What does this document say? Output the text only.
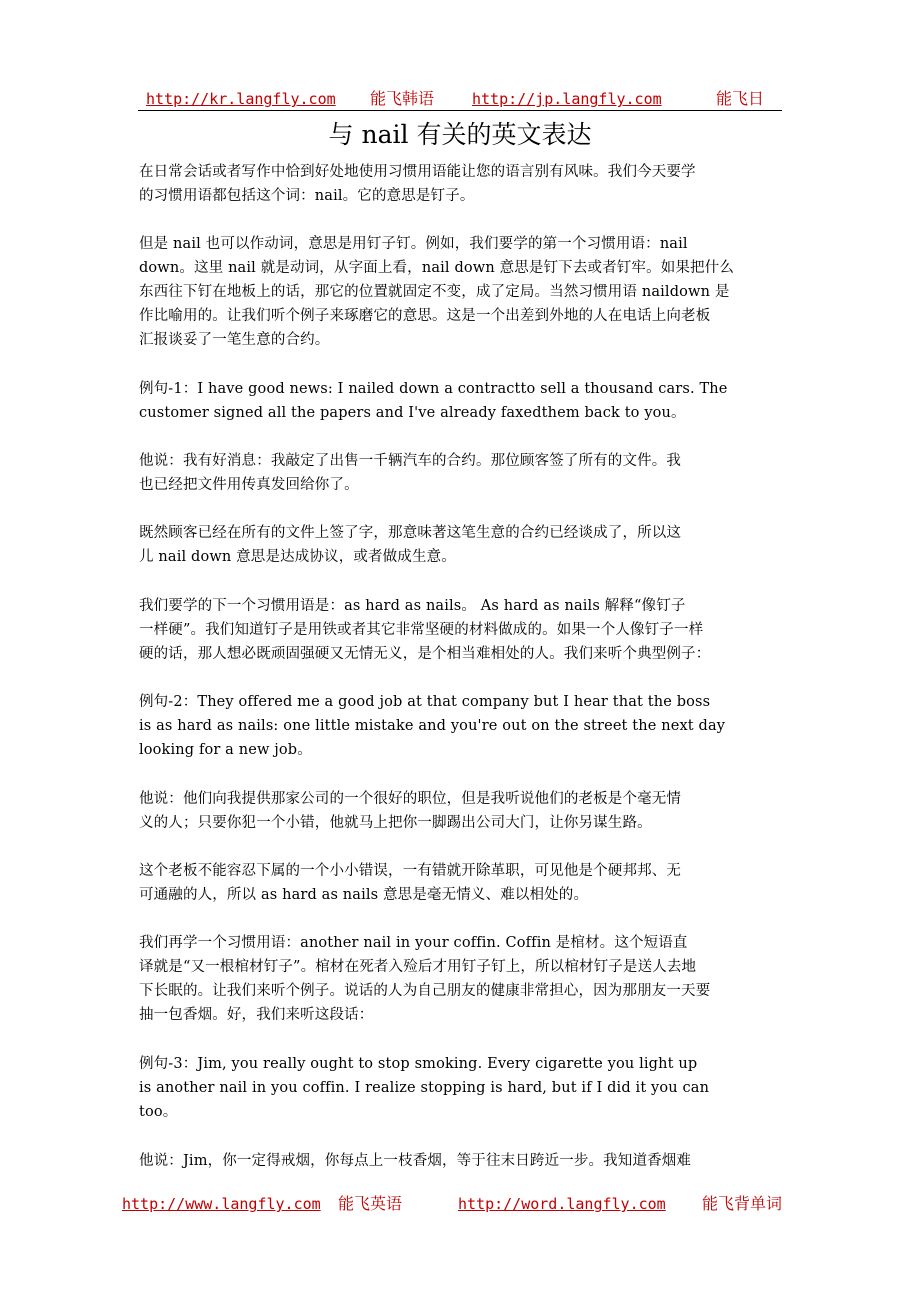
http://kr.langfly.com 能飞韩语	http://jp.langfly.com	能飞日
与 nail 有关的英文表达

在日常会话或者写作中恰到好处地使用习惯用语能让您的语言别有风味。我们今天要学
的习惯用语都包括这个词：nail。它的意思是钉子。

但是 nail 也可以作动词，意思是用钉子钉。例如，我们要学的第一个习惯用语：nail
down。这里 nail 就是动词，从字面上看，nail down 意思是钉下去或者钉牢。如果把什么
东西往下钉在地板上的话，那它的位置就固定不变，成了定局。当然习惯用语 naildown 是
作比喻用的。让我们听个例子来琢磨它的意思。这是一个出差到外地的人在电话上向老板
汇报谈妥了一笔生意的合约。

例句-1：I have good news: I nailed down a contractto sell a thousand cars. The
customer signed all the papers and I've already faxedthem back to you。

他说：我有好消息：我敲定了出售一千辆汽车的合约。那位顾客签了所有的文件。我
也已经把文件用传真发回给你了。

既然顾客已经在所有的文件上签了字，那意味著这笔生意的合约已经谈成了，所以这
儿 nail down 意思是达成协议，或者做成生意。

我们要学的下一个习惯用语是：as hard as nails。 As hard as nails 解释“像钉子
一样硬”。我们知道钉子是用铁或者其它非常坚硬的材料做成的。如果一个人像钉子一样
硬的话，那人想必既顽固强硬又无情无义，是个相当难相处的人。我们来听个典型例子：

例句-2：They offered me a good job at that company but I hear that the boss
is as hard as nails: one little mistake and you're out on the street the next day
looking for a new job。

他说：他们向我提供那家公司的一个很好的职位，但是我听说他们的老板是个毫无情
义的人；只要你犯一个小错，他就马上把你一脚踢出公司大门，让你另谋生路。

这个老板不能容忍下属的一个小小错误，一有错就开除革职，可见他是个硬邦邦、无
可通融的人，所以 as hard as nails 意思是毫无情义、难以相处的。

我们再学一个习惯用语：another nail in your coffin. Coffin 是棺材。这个短语直
译就是“又一根棺材钉子”。棺材在死者入殓后才用钉子钉上，所以棺材钉子是送人去地
下长眠的。让我们来听个例子。说话的人为自己朋友的健康非常担心，因为那朋友一天要
抽一包香烟。好，我们来听这段话：

例句-3：Jim, you really ought to stop smoking. Every cigarette you light up
is another nail in you coffin. I realize stopping is hard, but if I did it you can
too。

他说：Jim，你一定得戒烟，你每点上一枝香烟，等于往末日跨近一步。我知道香烟难

http://www.langfly.com 能飞英语	http://word.langfly.com 能飞背单词
